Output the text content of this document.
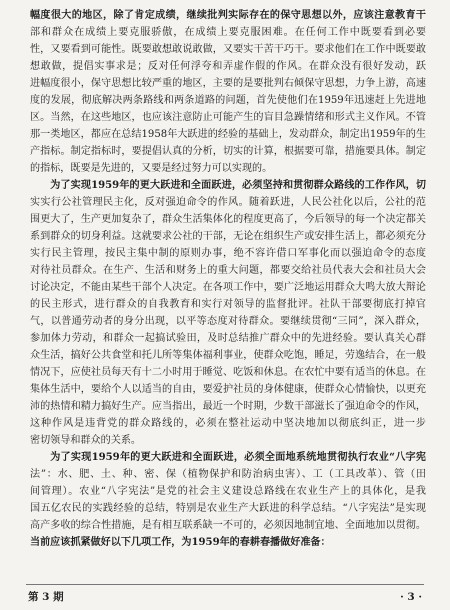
幅度很大的地区，除了肯定成绩，继续批判实际存在的保守思想以外，应该注意教育干
部和群众在成绩上要克服骄傲，在成绩上要克服困难。在任何工作中既要看到必要
性，又要看到可能性。既要敢想敢说敢做，又要实干苦干巧干。要求他们在工作中既要敢
想敢做，提倡实事求是；反对任何浮夸和弄虚作假的作风。在群众没有很好发动，跃
进幅度很小，保守思想比较严重的地区，主要的是要批判右倾保守思想，力争上游，高速
度的发展，彻底解决两条路线和两条道路的问题，首先使他们在1959年迅速赶上先进地
区。当然，在这些地区，也应该注意防止可能产生的盲目急躁情绪和形式主义作风。不管
那一类地区，都应在总结1958年大跃进的经验的基础上，发动群众，制定出1959年的生
产指标。制定指标时，要提倡认真的分析，切实的计算，根据要可靠，措施要具体。制定
的指标，既要是先进的，又要是经过努力可以实现的。
为了实现1959年的更大跃进和全面跃进，必须坚持和贯彻群众路线的工作作风，切
实实行公社管理民主化，反对强迫命令的作风。随着跃进，人民公社化以后，公社的范
围更大了，生产更加复杂了，群众生活集体化的程度更高了，今后领导的每一个决定都关
系到群众的切身利益。这就要求公社的干部，无论在组织生产或安排生活上，都必须充分
实行民主管理，按民主集中制的原则办事，绝不容许借口军事化而以强迫命令的态度
对待社员群众。在生产、生活和财务上的重大问题，都要交给社员代表大会和社员大会
讨论决定，不能由某些干部个人决定。在各项工作中，要广泛地运用群众大鸣大放大辩论
的民主形式，进行群众的自我教育和实行对领导的监督批评。社队干部要彻底打掉官
气，以普通劳动者的身分出现，以平等态度对待群众。要继续贯彻“三同”，深入群众，
参加体力劳动，和群众一起搞试验田，及时总结推广群众中的先进经验。要认真关心群
众生活，搞好公共食堂和托儿所等集体福利事业，使群众吃饱，睡足，劳逸结合，在一般
情况下，应使社员每天有十二小时用于睡觉、吃饭和休息。在农忙中要有适当的休息。在
集体生活中，要给个人以适当的自由，要爱护社员的身体健康，使群众心情愉快，以更充
沛的热情和精力搞好生产。应当指出，最近一个时期，少数干部滋长了强迫命令的作风，
这种作风是违背党的群众路线的，必须在整社运动中坚决地加以彻底纠正，进一步
密切领导和群众的关系。
为了实现1959年的更大跃进和全面跃进，必须全面地系统地贯彻执行农业“八字宪
法”：水、肥、土、种、密、保（植物保护和防治病虫害）、工（工具改革）、管（田
间管理）。农业“八字宪法”是党的社会主义建设总路线在农业生产上的具体化，是我
国五亿农民的实践经验的总结，特别是农业生产大跃进的科学总结。“八字宪法”是实现
高产多收的综合性措施，是有相互联系缺一不可的，必须因地制宜地、全面地加以贯彻。
当前应该抓紧做好以下几项工作，为1959年的春耕春播做好准备：
第 3 期	· 3 ·
